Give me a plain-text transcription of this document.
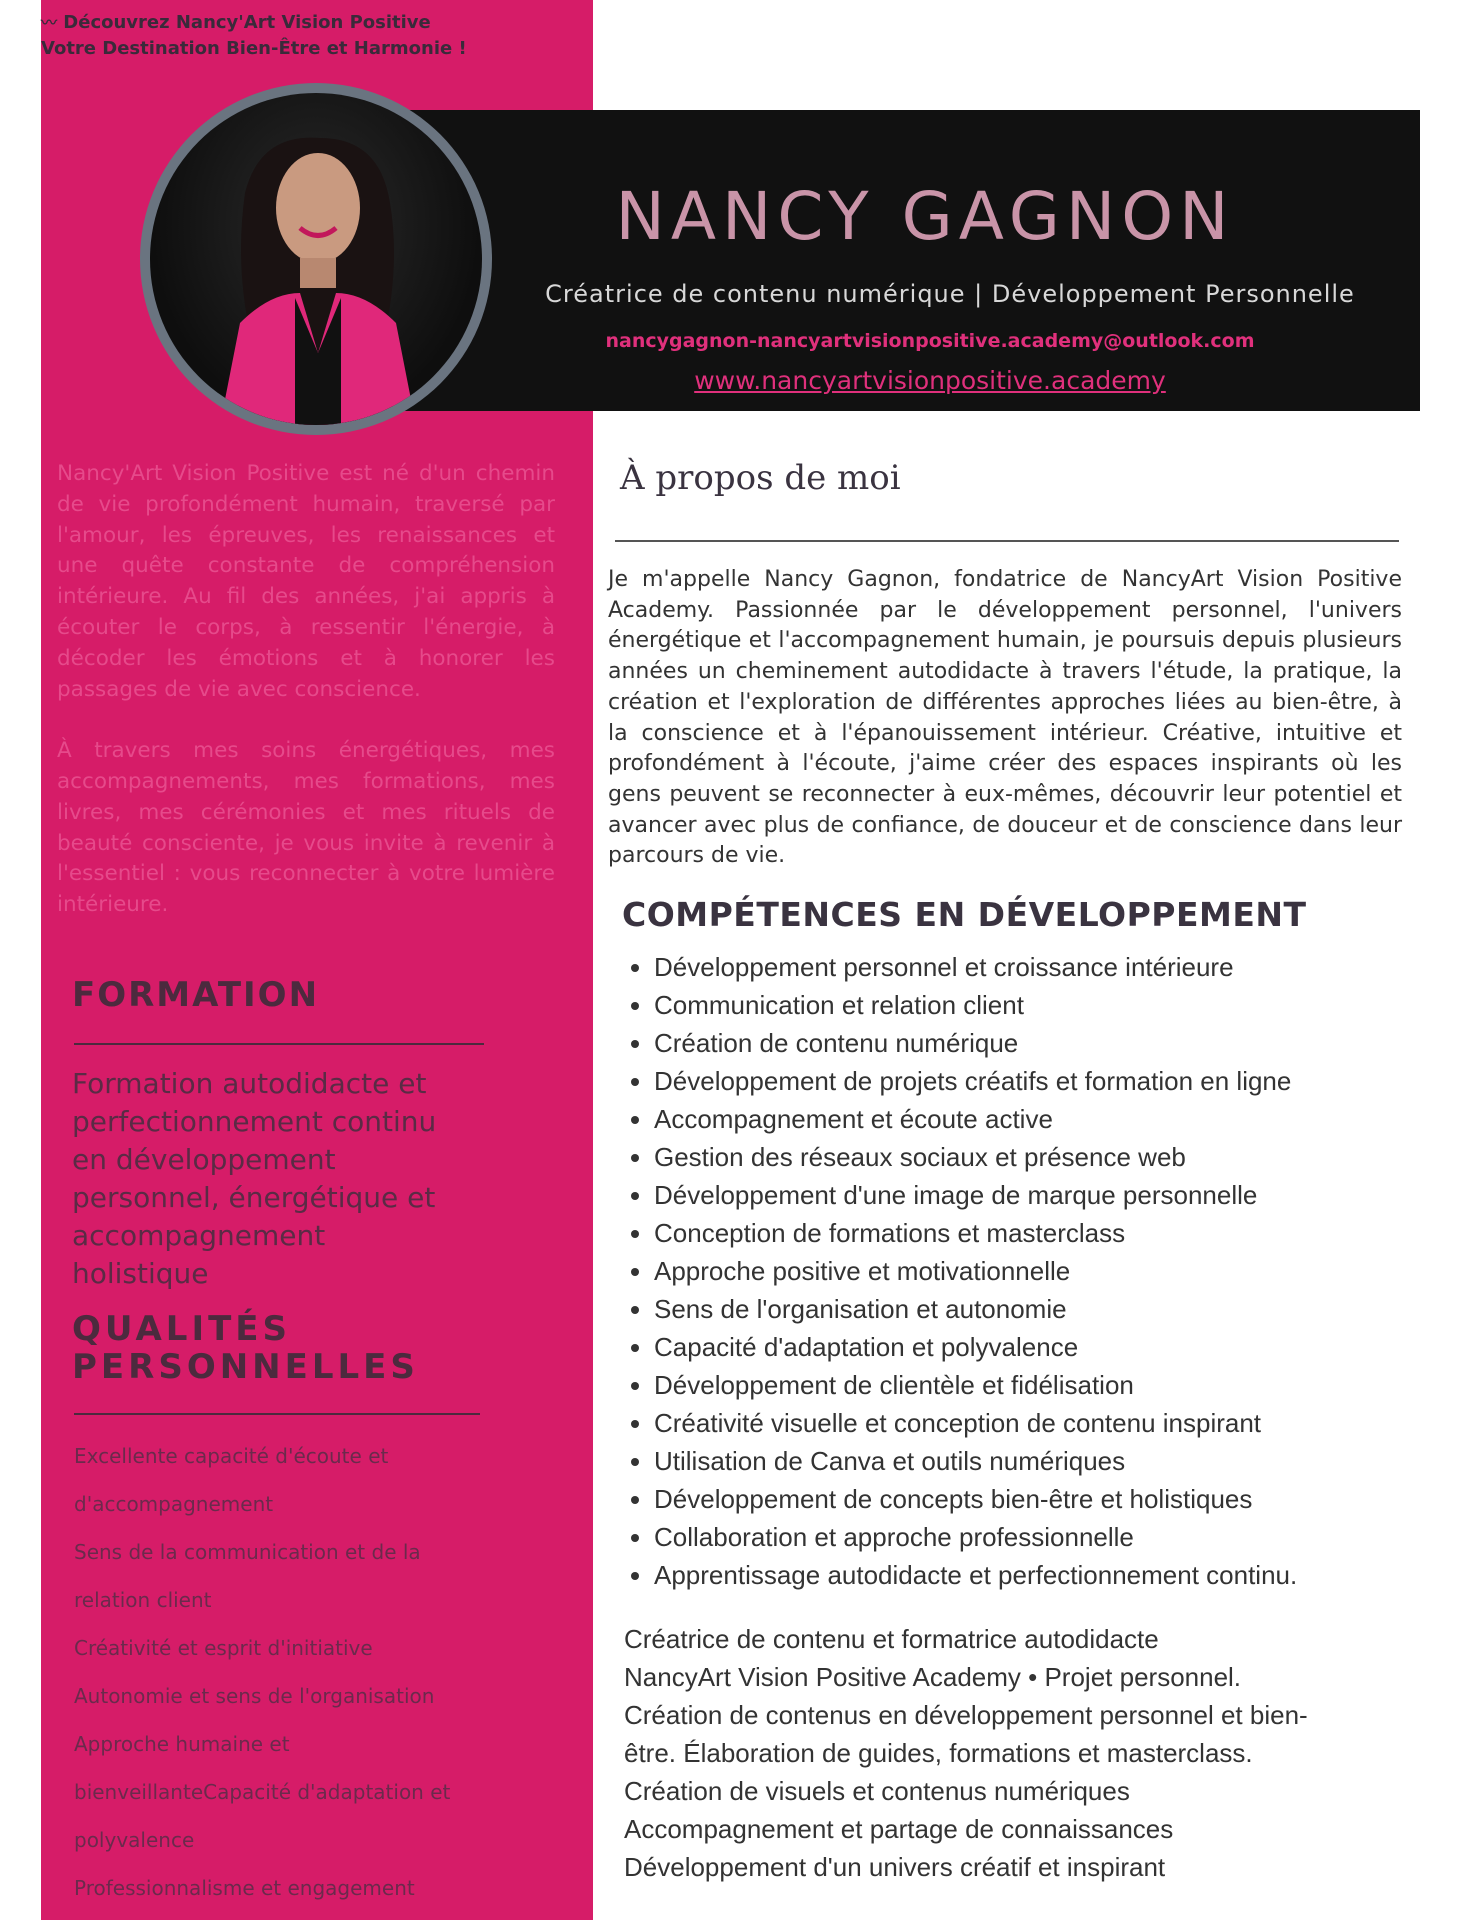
〰 Découvrez Nancy'Art Vision Positive
Votre Destination Bien-Être et Harmonie !
NANCY GAGNON
Créatrice de contenu numérique | Développement Personnelle
nancygagnon-nancyartvisionpositive.academy@outlook.com
www.nancyartvisionpositive.academy

Nancy'Art Vision Positive est né d'un chemin de vie profondément humain, traversé par l'amour, les épreuves, les renaissances et une quête constante de compréhension intérieure. Au fil des années, j'ai appris à écouter le corps, à ressentir l'énergie, à décoder les émotions et à honorer les passages de vie avec conscience.

À travers mes soins énergétiques, mes accompagnements, mes formations, mes livres, mes cérémonies et mes rituels de beauté consciente, je vous invite à revenir à l'essentiel : vous reconnecter à votre lumière intérieure.

FORMATION
Formation autodidacte et perfectionnement continu en développement personnel, énergétique et accompagnement holistique
QUALITÉS
PERSONNELLES
Excellente capacité d'écoute et
d'accompagnement
Sens de la communication et de la
relation client
Créativité et esprit d'initiative
Autonomie et sens de l'organisation
Approche humaine et
bienveillanteCapacité d'adaptation et
polyvalence
Professionnalisme et engagement
À propos de moi
Je m'appelle Nancy Gagnon, fondatrice de NancyArt Vision Positive Academy. Passionnée par le développement personnel, l'univers énergétique et l'accompagnement humain, je poursuis depuis plusieurs années un cheminement autodidacte à travers l'étude, la pratique, la création et l'exploration de différentes approches liées au bien-être, à la conscience et à l'épanouissement intérieur. Créative, intuitive et profondément à l'écoute, j'aime créer des espaces inspirants où les gens peuvent se reconnecter à eux-mêmes, découvrir leur potentiel et avancer avec plus de confiance, de douceur et de conscience dans leur parcours de vie.
COMPÉTENCES EN DÉVELOPPEMENT
• Développement personnel et croissance intérieure
• Communication et relation client
• Création de contenu numérique
• Développement de projets créatifs et formation en ligne
• Accompagnement et écoute active
• Gestion des réseaux sociaux et présence web
• Développement d'une image de marque personnelle
• Conception de formations et masterclass
• Approche positive et motivationnelle
• Sens de l'organisation et autonomie
• Capacité d'adaptation et polyvalence
• Développement de clientèle et fidélisation
• Créativité visuelle et conception de contenu inspirant
• Utilisation de Canva et outils numériques
• Développement de concepts bien-être et holistiques
• Collaboration et approche professionnelle
• Apprentissage autodidacte et perfectionnement continu.
Créatrice de contenu et formatrice autodidacte
NancyArt Vision Positive Academy • Projet personnel.
Création de contenus en développement personnel et bien-
être. Élaboration de guides, formations et masterclass.
Création de visuels et contenus numériques
Accompagnement et partage de connaissances
Développement d'un univers créatif et inspirant
